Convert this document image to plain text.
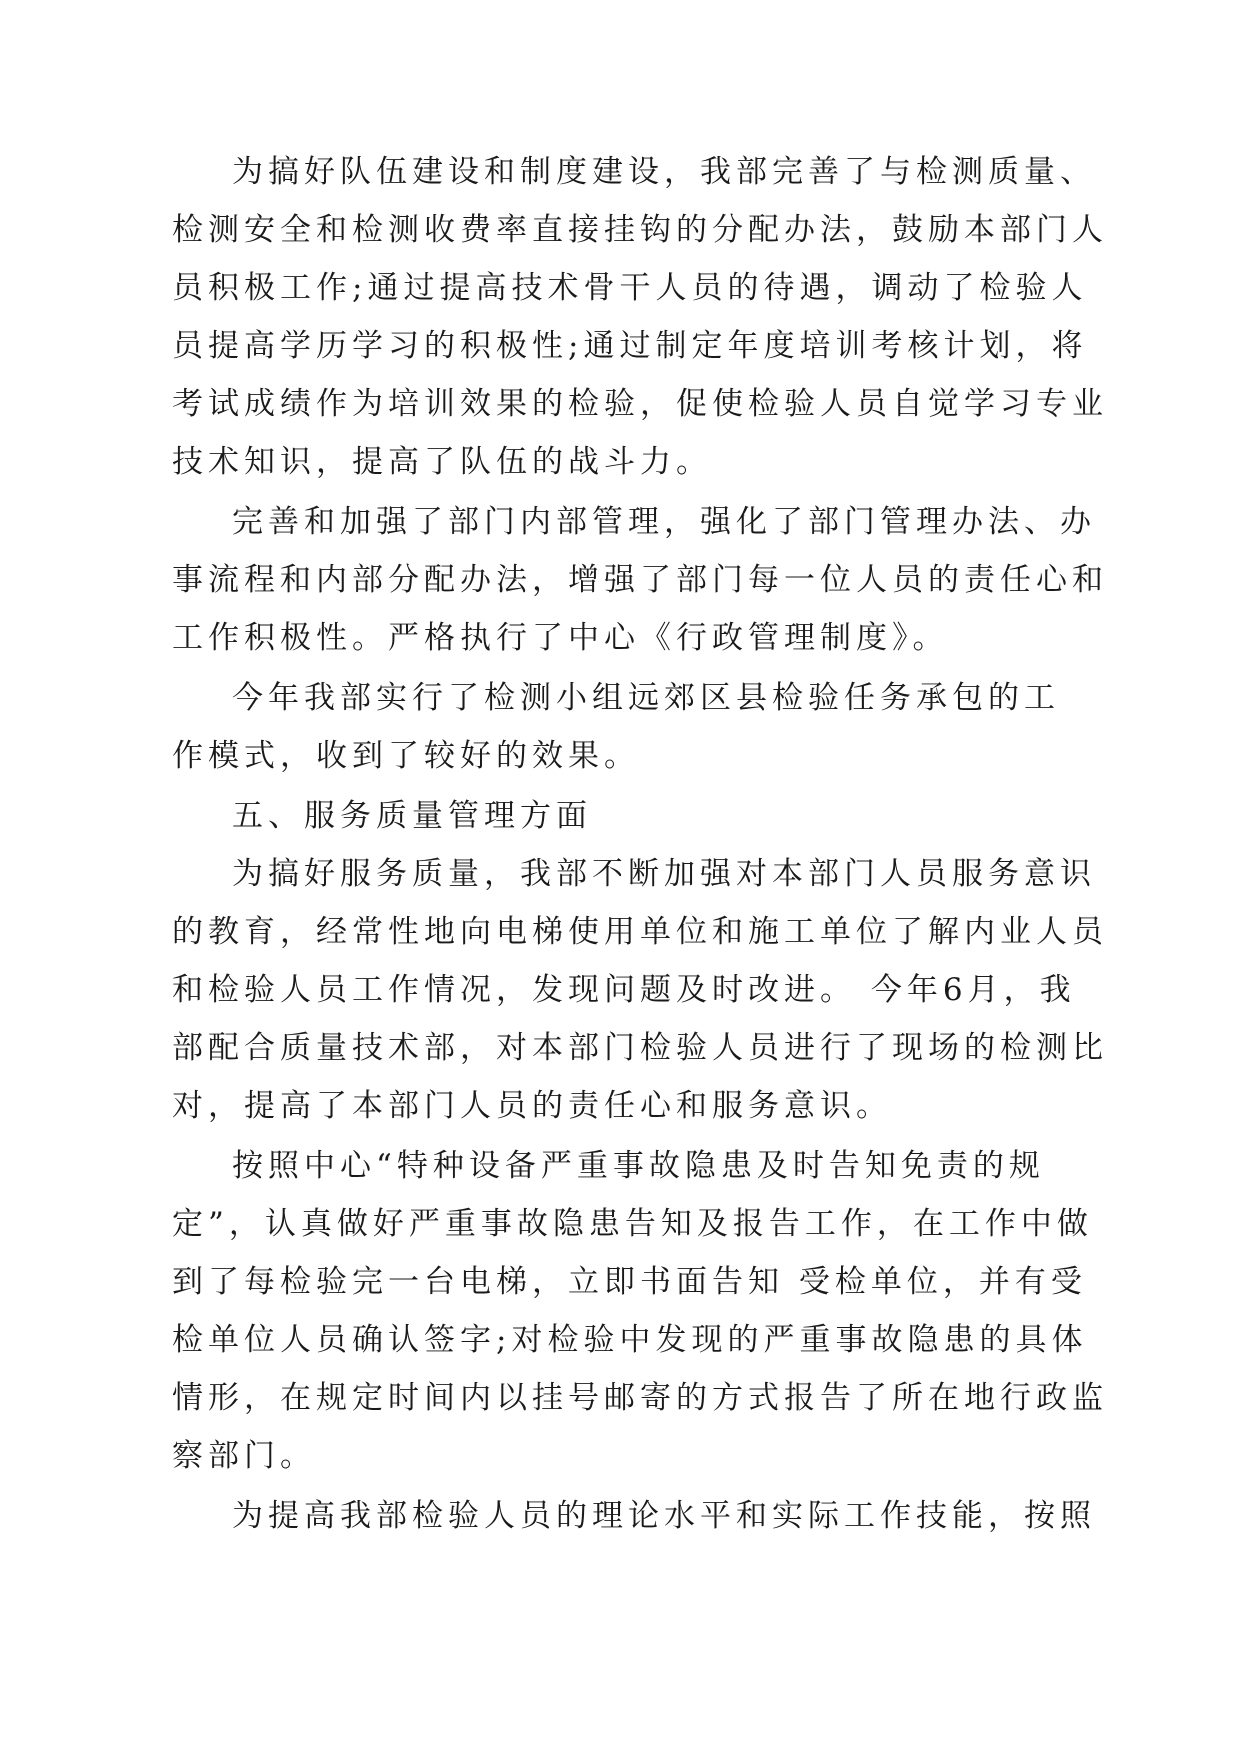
为搞好队伍建设和制度建设，我部完善了与检测质量、
检测安全和检测收费率直接挂钩的分配办法，鼓励本部门人
员积极工作;通过提高技术骨干人员的待遇，调动了检验人
员提高学历学习的积极性;通过制定年度培训考核计划，将
考试成绩作为培训效果的检验，促使检验人员自觉学习专业
技术知识，提高了队伍的战斗力。
完善和加强了部门内部管理，强化了部门管理办法、办
事流程和内部分配办法，增强了部门每一位人员的责任心和
工作积极性。严格执行了中心《行政管理制度》。
今年我部实行了检测小组远郊区县检验任务承包的工
作模式，收到了较好的效果。
五、服务质量管理方面
为搞好服务质量，我部不断加强对本部门人员服务意识
的教育，经常性地向电梯使用单位和施工单位了解内业人员
和检验人员工作情况，发现问题及时改进。 今年6月，我
部配合质量技术部，对本部门检验人员进行了现场的检测比
对，提高了本部门人员的责任心和服务意识。
按照中心“特种设备严重事故隐患及时告知免责的规
定”，认真做好严重事故隐患告知及报告工作，在工作中做
到了每检验完一台电梯，立即书面告知 受检单位，并有受
检单位人员确认签字;对检验中发现的严重事故隐患的具体
情形，在规定时间内以挂号邮寄的方式报告了所在地行政监
察部门。
为提高我部检验人员的理论水平和实际工作技能，按照
